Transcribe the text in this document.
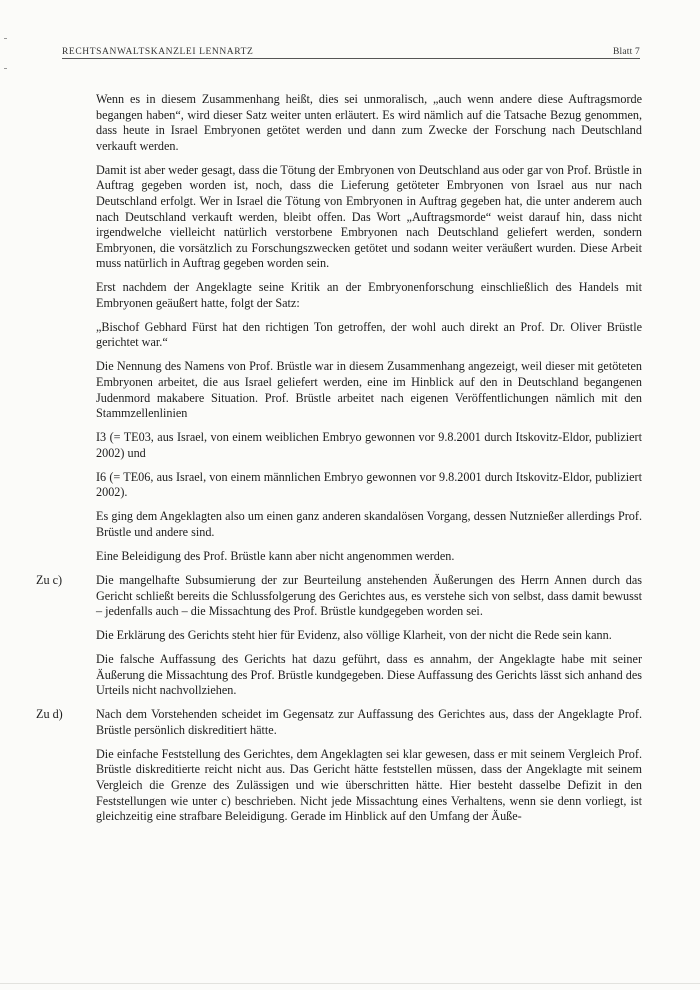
RECHTSANWALTSKANZLEI LENNARTZ	Blatt 7

Wenn es in diesem Zusammenhang heißt, dies sei unmoralisch, „auch wenn andere diese Auftragsmorde begangen haben“, wird dieser Satz weiter unten erläutert. Es wird nämlich auf die Tatsache Bezug genommen, dass heute in Israel Embryonen getötet werden und dann zum Zwecke der Forschung nach Deutschland verkauft werden.

Damit ist aber weder gesagt, dass die Tötung der Embryonen von Deutschland aus oder gar von Prof. Brüstle in Auftrag gegeben worden ist, noch, dass die Lieferung getöteter Embryonen von Israel aus nur nach Deutschland erfolgt. Wer in Israel die Tötung von Embryonen in Auftrag gegeben hat, die unter anderem auch nach Deutschland verkauft werden, bleibt offen. Das Wort „Auftragsmorde“ weist darauf hin, dass nicht irgendwelche vielleicht natürlich verstorbene Embryonen nach Deutschland geliefert werden, sondern Embryonen, die vorsätzlich zu Forschungszwecken getötet und sodann weiter veräußert wurden. Diese Arbeit muss natürlich in Auftrag gegeben worden sein.

Erst nachdem der Angeklagte seine Kritik an der Embryonenforschung einschließlich des Handels mit Embryonen geäußert hatte, folgt der Satz:

„Bischof Gebhard Fürst hat den richtigen Ton getroffen, der wohl auch direkt an Prof. Dr. Oliver Brüstle gerichtet war.“

Die Nennung des Namens von Prof. Brüstle war in diesem Zusammenhang angezeigt, weil dieser mit getöteten Embryonen arbeitet, die aus Israel geliefert werden, eine im Hinblick auf den in Deutschland begangenen Judenmord makabere Situation. Prof. Brüstle arbeitet nach eigenen Veröffentlichungen nämlich mit den Stammzellenlinien

I3 (= TE03, aus Israel, von einem weiblichen Embryo gewonnen vor 9.8.2001 durch Itskovitz-Eldor, publiziert 2002) und

I6 (= TE06, aus Israel, von einem männlichen Embryo gewonnen vor 9.8.2001 durch Itskovitz-Eldor, publiziert 2002).

Es ging dem Angeklagten also um einen ganz anderen skandalösen Vorgang, dessen Nutznießer allerdings Prof. Brüstle und andere sind.

Eine Beleidigung des Prof. Brüstle kann aber nicht angenommen werden.

Zu c)	Die mangelhafte Subsumierung der zur Beurteilung anstehenden Äußerungen des Herrn Annen durch das Gericht schließt bereits die Schlussfolgerung des Gerichtes aus, es verstehe sich von selbst, dass damit bewusst – jedenfalls auch – die Missachtung des Prof. Brüstle kundgegeben worden sei.

Die Erklärung des Gerichts steht hier für Evidenz, also völlige Klarheit, von der nicht die Rede sein kann.

Die falsche Auffassung des Gerichts hat dazu geführt, dass es annahm, der Angeklagte habe mit seiner Äußerung die Missachtung des Prof. Brüstle kundgegeben. Diese Auffassung des Gerichts lässt sich anhand des Urteils nicht nachvollziehen.

Zu d)	Nach dem Vorstehenden scheidet im Gegensatz zur Auffassung des Gerichtes aus, dass der Angeklagte Prof. Brüstle persönlich diskreditiert hätte.

Die einfache Feststellung des Gerichtes, dem Angeklagten sei klar gewesen, dass er mit seinem Vergleich Prof. Brüstle diskreditierte reicht nicht aus. Das Gericht hätte feststellen müssen, dass der Angeklagte mit seinem Vergleich die Grenze des Zulässigen und wie überschritten hätte. Hier besteht dasselbe Defizit in den Feststellungen wie unter c) beschrieben. Nicht jede Missachtung eines Verhaltens, wenn sie denn vorliegt, ist gleichzeitig eine strafbare Beleidigung. Gerade im Hinblick auf den Umfang der Äuße-
